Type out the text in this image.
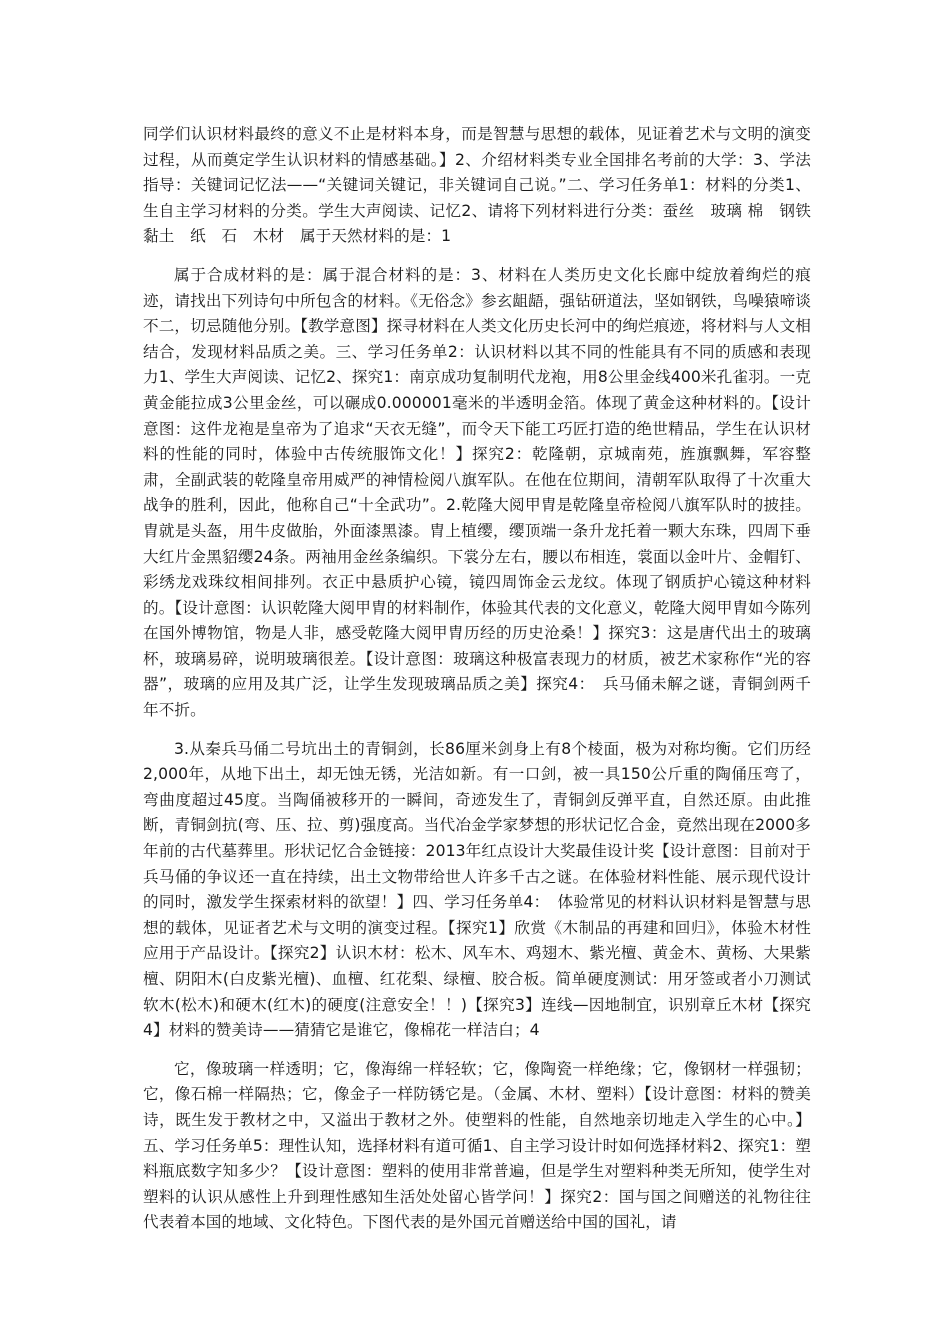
同学们认识材料最终的意义不止是材料本身，而是智慧与思想的载体，见证着艺术与文明的演变过程，从而奠定学生认识材料的情感基础。】2、介绍材料类专业全国排名考前的大学：3、学法指导：关键词记忆法——“关键词关键记，非关键词自己说。”二、学习任务单1：材料的分类1、生自主学习材料的分类。学生大声阅读、记忆2、请将下列材料进行分类：蚕丝　玻璃 棉　钢铁 黏土　纸　石　木材　属于天然材料的是：1

属于合成材料的是：属于混合材料的是：3、材料在人类历史文化长廊中绽放着绚烂的痕迹，请找出下列诗句中所包含的材料。《无俗念》参玄龃龉，强钻研道法，坚如钢铁，鸟噪猿啼谈不二，切忌随他分别。【教学意图】探寻材料在人类文化历史长河中的绚烂痕迹，将材料与人文相结合，发现材料品质之美。三、学习任务单2：认识材料以其不同的性能具有不同的质感和表现力1、学生大声阅读、记忆2、探究1：南京成功复制明代龙袍，用8公里金线400米孔雀羽。一克黄金能拉成3公里金丝，可以碾成0.000001毫米的半透明金箔。体现了黄金这种材料的。【设计意图：这件龙袍是皇帝为了追求“天衣无缝”，而令天下能工巧匠打造的绝世精品，学生在认识材料的性能的同时，体验中古传统服饰文化！】探究2：乾隆朝，京城南苑，旌旗飘舞，军容整肃，全副武装的乾隆皇帝用威严的神情检阅八旗军队。在他在位期间，清朝军队取得了十次重大战争的胜利，因此，他称自己“十全武功”。2.乾隆大阅甲胄是乾隆皇帝检阅八旗军队时的披挂。胄就是头盔，用牛皮做胎，外面漆黑漆。胄上植缨，缨顶端一条升龙托着一颗大东珠，四周下垂大红片金黑貂缨24条。两袖用金丝条编织。下裳分左右，腰以布相连，裳面以金叶片、金帽钉、彩绣龙戏珠纹相间排列。衣正中悬质护心镜，镜四周饰金云龙纹。体现了钢质护心镜这种材料的。【设计意图：认识乾隆大阅甲胄的材料制作，体验其代表的文化意义，乾隆大阅甲胄如今陈列在国外博物馆，物是人非，感受乾隆大阅甲胄历经的历史沧桑！】探究3：这是唐代出土的玻璃杯，玻璃易碎，说明玻璃很差。【设计意图：玻璃这种极富表现力的材质，被艺术家称作“光的容器”，玻璃的应用及其广泛，让学生发现玻璃品质之美】探究4：　兵马俑未解之谜，青铜剑两千年不折。

3.从秦兵马俑二号坑出土的青铜剑，长86厘米剑身上有8个棱面，极为对称均衡。它们历经2,000年，从地下出土，却无蚀无锈，光洁如新。有一口剑，被一具150公斤重的陶俑压弯了，弯曲度超过45度。当陶俑被移开的一瞬间，奇迹发生了，青铜剑反弹平直，自然还原。由此推断，青铜剑抗(弯、压、拉、剪)强度高。当代冶金学家梦想的形状记忆合金，竟然出现在2000多年前的古代墓葬里。形状记忆合金链接：2013年红点设计大奖最佳设计奖【设计意图：目前对于兵马俑的争议还一直在持续，出土文物带给世人许多千古之谜。在体验材料性能、展示现代设计的同时，激发学生探索材料的欲望！】四、学习任务单4：　体验常见的材料认识材料是智慧与思想的载体，见证者艺术与文明的演变过程。【探究1】欣赏《木制品的再建和回归》，体验木材性应用于产品设计。【探究2】认识木材：松木、风车木、鸡翅木、紫光檀、黄金木、黄杨、大果紫檀、阴阳木(白皮紫光檀)、血檀、红花梨、绿檀、胶合板。简单硬度测试：用牙签或者小刀测试软木(松木)和硬木(红木)的硬度(注意安全！！)【探究3】连线—因地制宜，识别章丘木材【探究4】材料的赞美诗——猜猜它是谁它，像棉花一样洁白；4

它，像玻璃一样透明；它，像海绵一样轻软；它，像陶瓷一样绝缘；它，像钢材一样强韧；它，像石棉一样隔热；它，像金子一样防锈它是。（金属、木材、塑料）【设计意图：材料的赞美诗，既生发于教材之中，又溢出于教材之外。使塑料的性能，自然地亲切地走入学生的心中。】五、学习任务单5：理性认知，选择材料有道可循1、自主学习设计时如何选择材料2、探究1：塑料瓶底数字知多少？【设计意图：塑料的使用非常普遍，但是学生对塑料种类无所知，使学生对塑料的认识从感性上升到理性感知生活处处留心皆学问！】探究2：国与国之间赠送的礼物往往代表着本国的地域、文化特色。下图代表的是外国元首赠送给中国的国礼，请
